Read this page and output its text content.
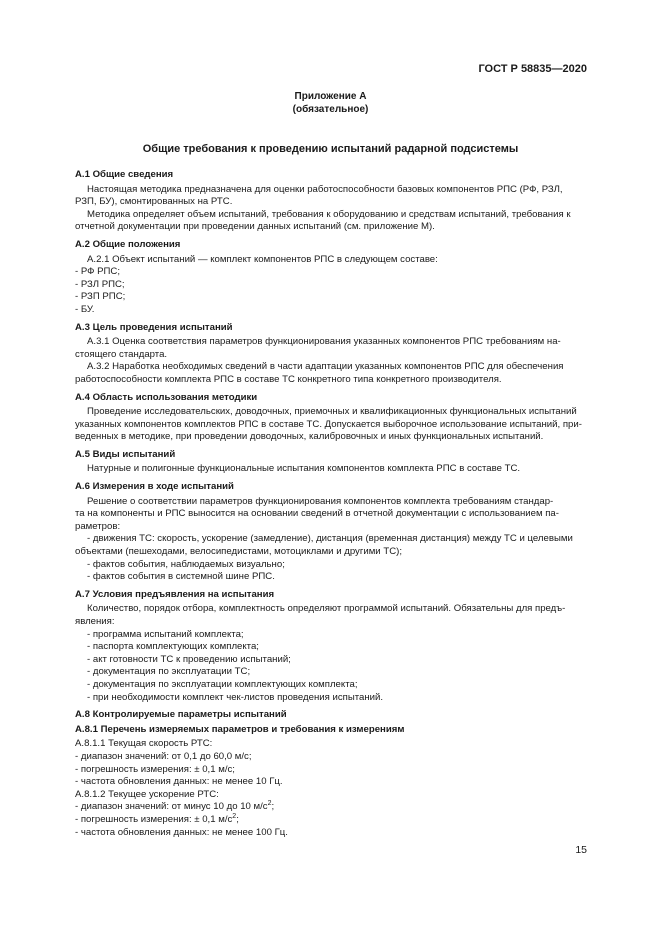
ГОСТ Р 58835—2020
Приложение А
(обязательное)
Общие требования к проведению испытаний радарной подсистемы
А.1 Общие сведения
Настоящая методика предназначена для оценки работоспособности базовых компонентов РПС (РФ, РЗЛ,
РЗП, БУ), смонтированных на РТС.
Методика определяет объем испытаний, требования к оборудованию и средствам испытаний, требования к
отчетной документации при проведении данных испытаний (см. приложение М).
А.2 Общие положения
А.2.1 Объект испытаний — комплект компонентов РПС в следующем составе:
- РФ РПС;
- РЗЛ РПС;
- РЗП РПС;
- БУ.
А.3 Цель проведения испытаний
А.3.1 Оценка соответствия параметров функционирования указанных компонентов РПС требованиям на-
стоящего стандарта.
А.3.2 Наработка необходимых сведений в части адаптации указанных компонентов РПС для обеспечения
работоспособности комплекта РПС в составе ТС конкретного типа конкретного производителя.
А.4 Область использования методики
Проведение исследовательских, доводочных, приемочных и квалификационных функциональных испытаний
указанных компонентов комплектов РПС в составе ТС. Допускается выборочное использование испытаний, при-
веденных в методике, при проведении доводочных, калибровочных и иных функциональных испытаний.
А.5 Виды испытаний
Натурные и полигонные функциональные испытания компонентов комплекта РПС в составе ТС.
А.6 Измерения в ходе испытаний
Решение о соответствии параметров функционирования компонентов комплекта требованиям стандар-
та на компоненты и РПС выносится на основании сведений в отчетной документации с использованием па-
раметров:
- движения ТС: скорость, ускорение (замедление), дистанция (временная дистанция) между ТС и целевыми
объектами (пешеходами, велосипедистами, мотоциклами и другими ТС);
- фактов события, наблюдаемых визуально;
- фактов события в системной шине РПС.
А.7 Условия предъявления на испытания
Количество, порядок отбора, комплектность определяют программой испытаний. Обязательны для предъ-
явления:
- программа испытаний комплекта;
- паспорта комплектующих комплекта;
- акт готовности ТС к проведению испытаний;
- документация по эксплуатации ТС;
- документация по эксплуатации комплектующих комплекта;
- при необходимости комплект чек-листов проведения испытаний.
А.8 Контролируемые параметры испытаний
А.8.1 Перечень измеряемых параметров и требования к измерениям
А.8.1.1 Текущая скорость РТС:
- диапазон значений: от 0,1 до 60,0 м/с;
- погрешность измерения: ± 0,1 м/с;
- частота обновления данных: не менее 10 Гц.
А.8.1.2 Текущее ускорение РТС:
- диапазон значений: от минус 10 до 10 $м/с^2$;
- погрешность измерения: ± 0,1 $м/с^2$;
- частота обновления данных: не менее 100 Гц.
15
